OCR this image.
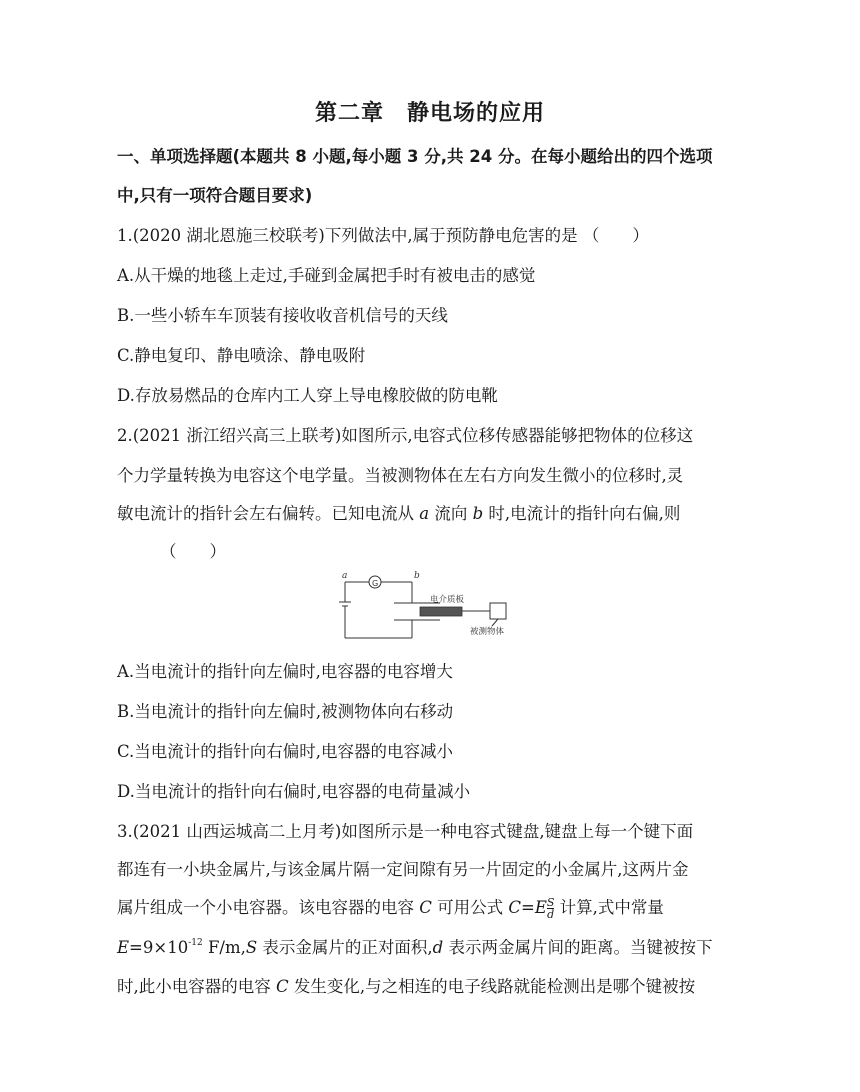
第二章　静电场的应用
一、单项选择题(本题共 8 小题,每小题 3 分,共 24 分。在每小题给出的四个选项
中,只有一项符合题目要求)
1.(2020 湖北恩施三校联考)下列做法中,属于预防静电危害的是 （　　）
A.从干燥的地毯上走过,手碰到金属把手时有被电击的感觉
B.一些小轿车车顶装有接收收音机信号的天线
C.静电复印、静电喷涂、静电吸附
D.存放易燃品的仓库内工人穿上导电橡胶做的防电靴
2.(2021 浙江绍兴高三上联考)如图所示,电容式位移传感器能够把物体的位移这
个力学量转换为电容这个电学量。当被测物体在左右方向发生微小的位移时,灵
敏电流计的指针会左右偏转。已知电流从 a 流向 b 时,电流计的指针向右偏,则
（　　）
G
a	b
电介质板
被测物体
A.当电流计的指针向左偏时,电容器的电容增大
B.当电流计的指针向左偏时,被测物体向右移动
C.当电流计的指针向右偏时,电容器的电容减小
D.当电流计的指针向右偏时,电容器的电荷量减小
3.(2021 山西运城高二上月考)如图所示是一种电容式键盘,键盘上每一个键下面
都连有一小块金属片,与该金属片隔一定间隙有另一片固定的小金属片,这两片金
属片组成一个小电容器。该电容器的电容 C 可用公式 $C=E \frac{S}{d}$ 计算,式中常量
$E=9\times 10^{-12}$ F/m,S 表示金属片的正对面积,d 表示两金属片间的距离。当键被按下
时,此小电容器的电容 C 发生变化,与之相连的电子线路就能检测出是哪个键被按
